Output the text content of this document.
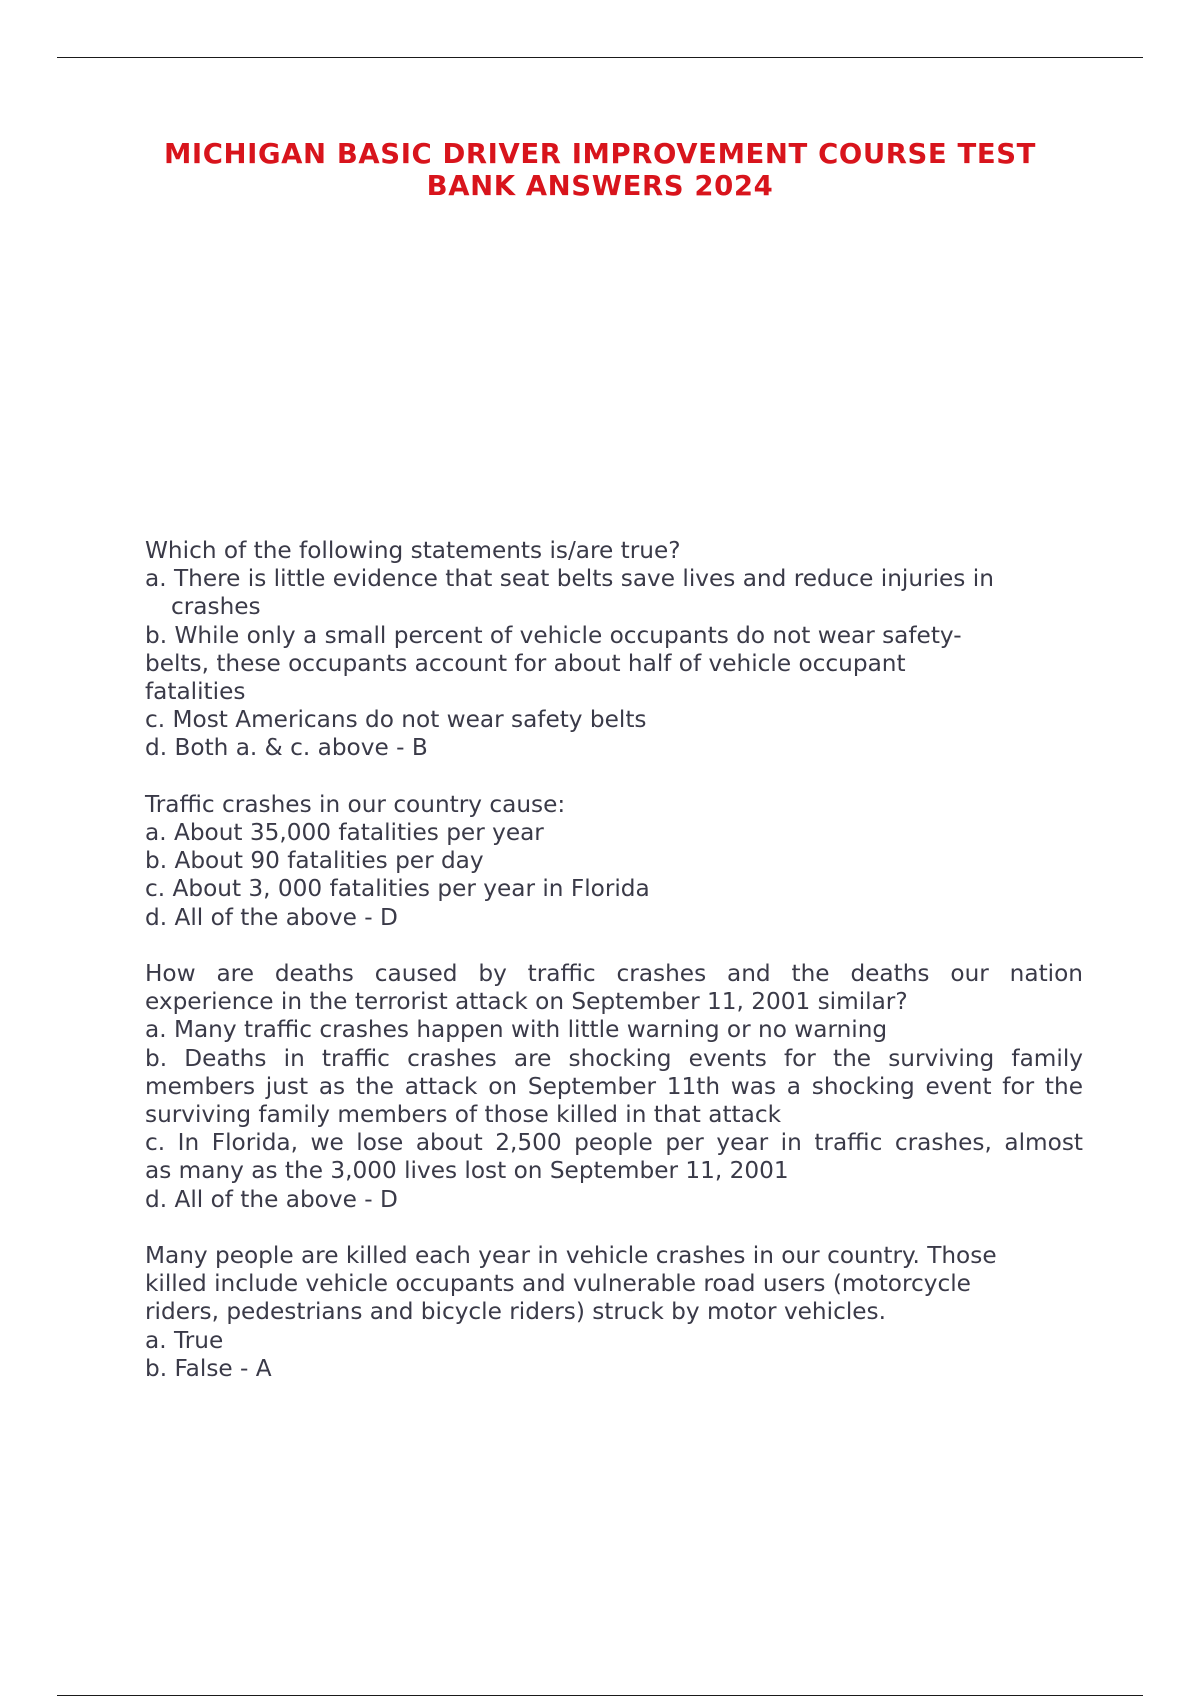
MICHIGAN BASIC DRIVER IMPROVEMENT COURSE TEST
BANK ANSWERS 2024
Which of the following statements is/are true?
a. There is little evidence that seat belts save lives and reduce injuries in
crashes
b. While only a small percent of vehicle occupants do not wear safety-
belts, these occupants account for about half of vehicle occupant
fatalities
c. Most Americans do not wear safety belts
d. Both a. & c. above - B
Traffic crashes in our country cause:
a. About 35,000 fatalities per year
b. About 90 fatalities per day
c. About 3, 000 fatalities per year in Florida
d. All of the above - D
How are deaths caused by traffic crashes and the deaths our nation
experience in the terrorist attack on September 11, 2001 similar?
a. Many traffic crashes happen with little warning or no warning
b. Deaths in traffic crashes are shocking events for the surviving family
members just as the attack on September 11th was a shocking event for the
surviving family members of those killed in that attack
c. In Florida, we lose about 2,500 people per year in traffic crashes, almost
as many as the 3,000 lives lost on September 11, 2001
d. All of the above - D
Many people are killed each year in vehicle crashes in our country. Those
killed include vehicle occupants and vulnerable road users (motorcycle
riders, pedestrians and bicycle riders) struck by motor vehicles.
a. True
b. False - A
